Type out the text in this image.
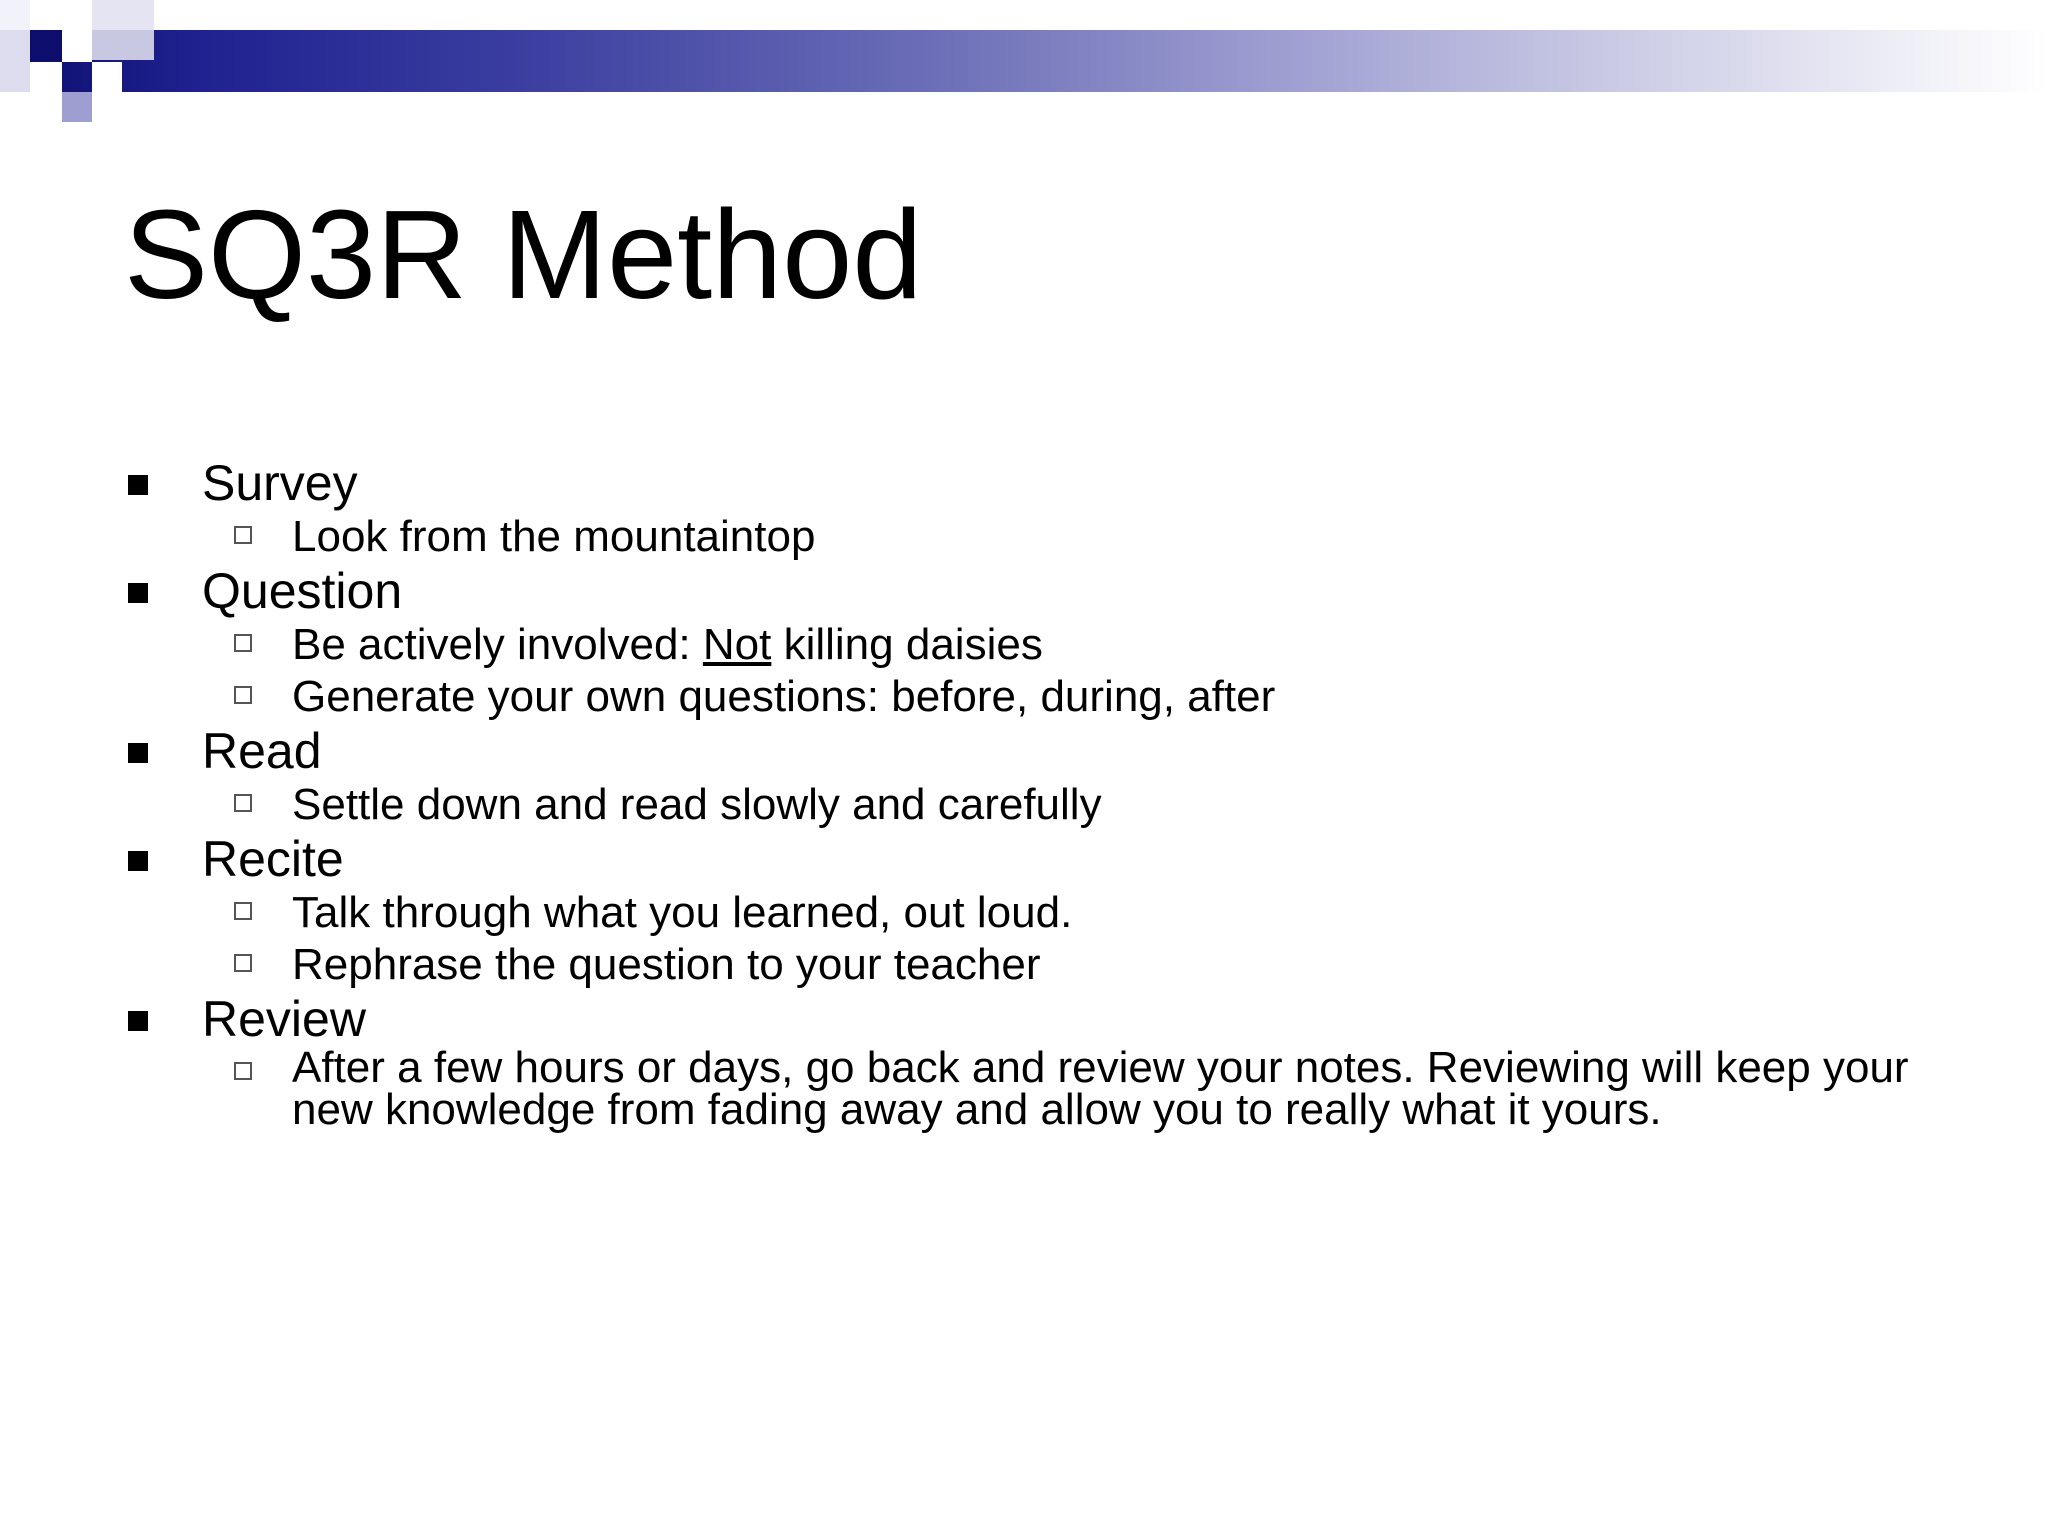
SQ3R Method
Survey
Look from the mountaintop
Question
Be actively involved: Not killing daisies
Generate your own questions: before, during, after
Read
Settle down and read slowly and carefully
Recite
Talk through what you learned, out loud.
Rephrase the question to your teacher
Review
After a few hours or days, go back and review your notes. Reviewing will keep your new knowledge from fading away and allow you to really what it yours.
